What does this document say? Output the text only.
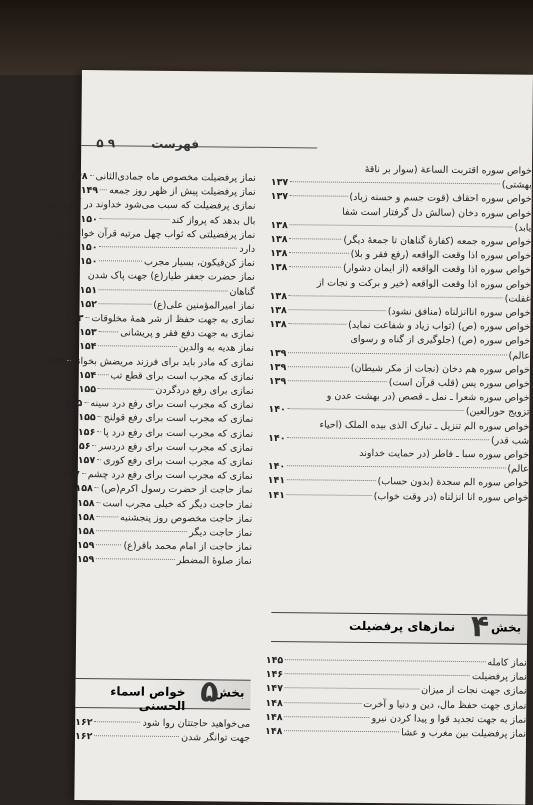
فهرست
۹ ۵
نماز پرفضیلت مخصوص ماه جمادی‌الثانی
۱۴۸
نماز پرفضیلت پیش از ظهر روز جمعه
۱۴۹
نمازی پرفضیلت که سبب می‌شود خداوند در آخرت دو
بال بدهد که پرواز کند
۱۵۰
نماز پرفضیلتی که ثواب چهل مرتبه قرآن خواندن را
دارد
۱۵۰
نماز کن‌فیکون، بسیار مجرب
۱۵۰
نماز حضرت جعفر طیار(ع) جهت پاک شدن
گناهان
۱۵۱
نماز امیرالمؤمنین علی(ع)
۱۵۲
نمازی به جهت حفظ از شر همهٔ مخلوقات
۱۵۳
نمازی به جهت دفع فقر و پریشانی
۱۵۳
نماز هدیه به والدین
۱۵۴
نمازی که مادر باید برای فرزند مریضش بخواند
۱۵۴
نمازی که مجرب است برای قطع تب
۱۵۴
نمازی برای رفع دردگردن
۱۵۵
نمازی که مجرب است برای رفع درد سینه
۱۵۵
نمازی که مجرب است برای رفع قولنج
۱۵۵
نمازی که مجرب است برای رفع درد پا
۱۵۶
نمازی که مجرب است برای رفع دردسر
۱۵۶
نمازی که مجرب است برای رفع کوری
۱۵۷
نمازی که مجرب است برای رفع درد چشم
۱۵۷
نماز حاجت از حضرت رسول اکرم(ص)
۱۵۸
نماز حاجت دیگر که خیلی مجرب است
۱۵۸
نماز حاجت مخصوص روز پنجشنبه
۱۵۸
نماز حاجت دیگر
۱۵۸
نماز حاجت از امام محمد باقر(ع)
۱۵۹
نماز صلوهٔ المضطر
۱۵۹
بخش
۵
خواص اسماء الحسنی
می‌خواهید حاجتتان روا شود
۱۶۲
جهت توانگر شدن
۱۶۲
خواص سوره اقتربت الساعة (سوار بر ناقهٔ
بهشتی)
۱۳۷
خواص سوره احقاف (قوت جسم و حسنه زیاد)
۱۳۷
خواص سوره دخان (سالش دل گرفتار است شفا
یابد)
۱۳۸
خواص سوره جمعه (کفارهٔ گناهان تا جمعهٔ دیگر)
۱۳۸
خواص سوره اذا وقعت الواقعه (رفع فقر و بلا)
۱۳۸
خواص سوره اذا وقعت الواقعه (از ایمان دشوار)
۱۳۸
خواص سوره اذا وقعت الواقعه (خیر و برکت و نجات از
غفلت)
۱۳۸
خواص سوره اناانزلناه (منافق نشود)
۱۳۸
خواص سوره (ص) (ثواب زیاد و شفاعت نماید)
۱۳۸
خواص سوره (ص) (جلوگیری از گناه و رسوای
عالم)
۱۳۹
خواص سوره هم دخان (نجات از مکر شیطان)
۱۳۹
خواص سوره یس (قلب قرآن است)
۱۳۹
خواص سوره شعرا ـ نمل ـ قصص (در بهشت عدن و
تزویج حورالعین)
۱۴۰
خواص سوره الم تنزیل ـ تبارک الذی بیده الملک (احیاء
شب قدر)
۱۴۰
خواص سوره سبا ـ فاطر (در حمایت خداوند
عالم)
۱۴۰
خواص سوره الم سجدة (بدون حساب)
۱۴۱
خواص سوره انا انزلناه (در وقت خواب)
۱۴۱
بخش
۴
نمازهای پرفضیلت
نماز کامله
۱۴۵
نماز پرفضیلت
۱۴۶
نمازی جهت نجات از میزان
۱۴۷
نمازی جهت حفظ مال، دین و دنیا و آخرت
۱۴۸
نماز به جهت تجدید قوا و پیدا کردن نیرو
۱۴۸
نماز پرفضیلت بین مغرب و عشا
۱۴۸
